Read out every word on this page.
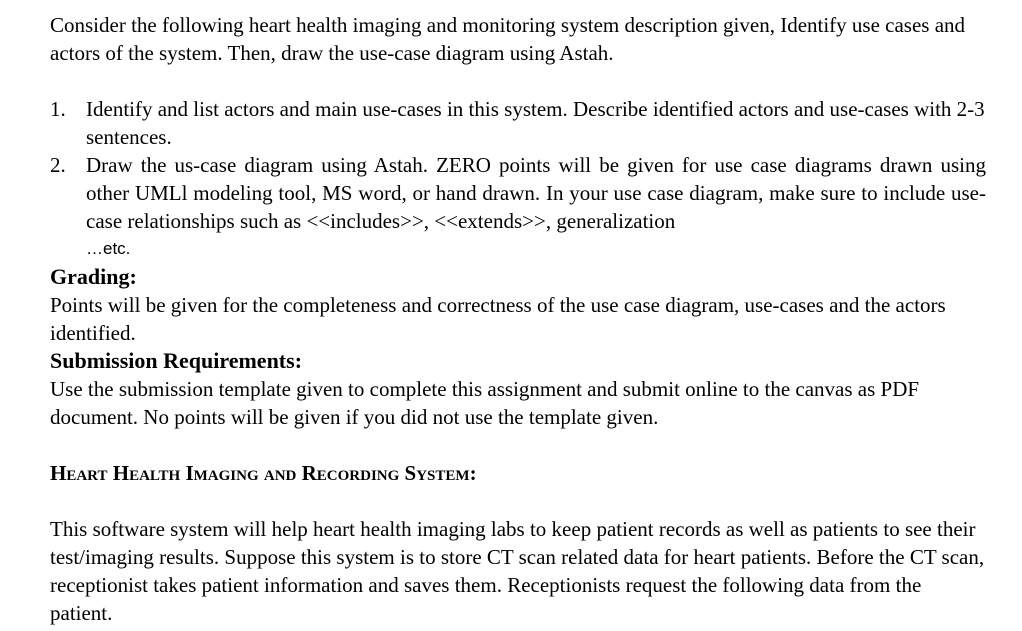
Consider the following heart health imaging and monitoring system description given, Identify use cases and actors of the system. Then, draw the use-case diagram using Astah.

1. Identify and list actors and main use-cases in this system. Describe identified actors and use-cases with 2-3 sentences.
2. Draw the us-case diagram using Astah. ZERO points will be given for use case diagrams drawn using other UMLl modeling tool, MS word, or hand drawn. In your use case diagram, make sure to include use-case relationships such as <<includes>>, <<extends>>, generalization
…etc.

Grading:

Points will be given for the completeness and correctness of the use case diagram, use-cases and the actors identified.

Submission Requirements:

Use the submission template given to complete this assignment and submit online to the canvas as PDF document. No points will be given if you did not use the template given.

Heart Health Imaging and Recording System:

This software system will help heart health imaging labs to keep patient records as well as patients to see their test/imaging results. Suppose this system is to store CT scan related data for heart patients. Before the CT scan, receptionist takes patient information and saves them. Receptionists request the following data from the patient.
